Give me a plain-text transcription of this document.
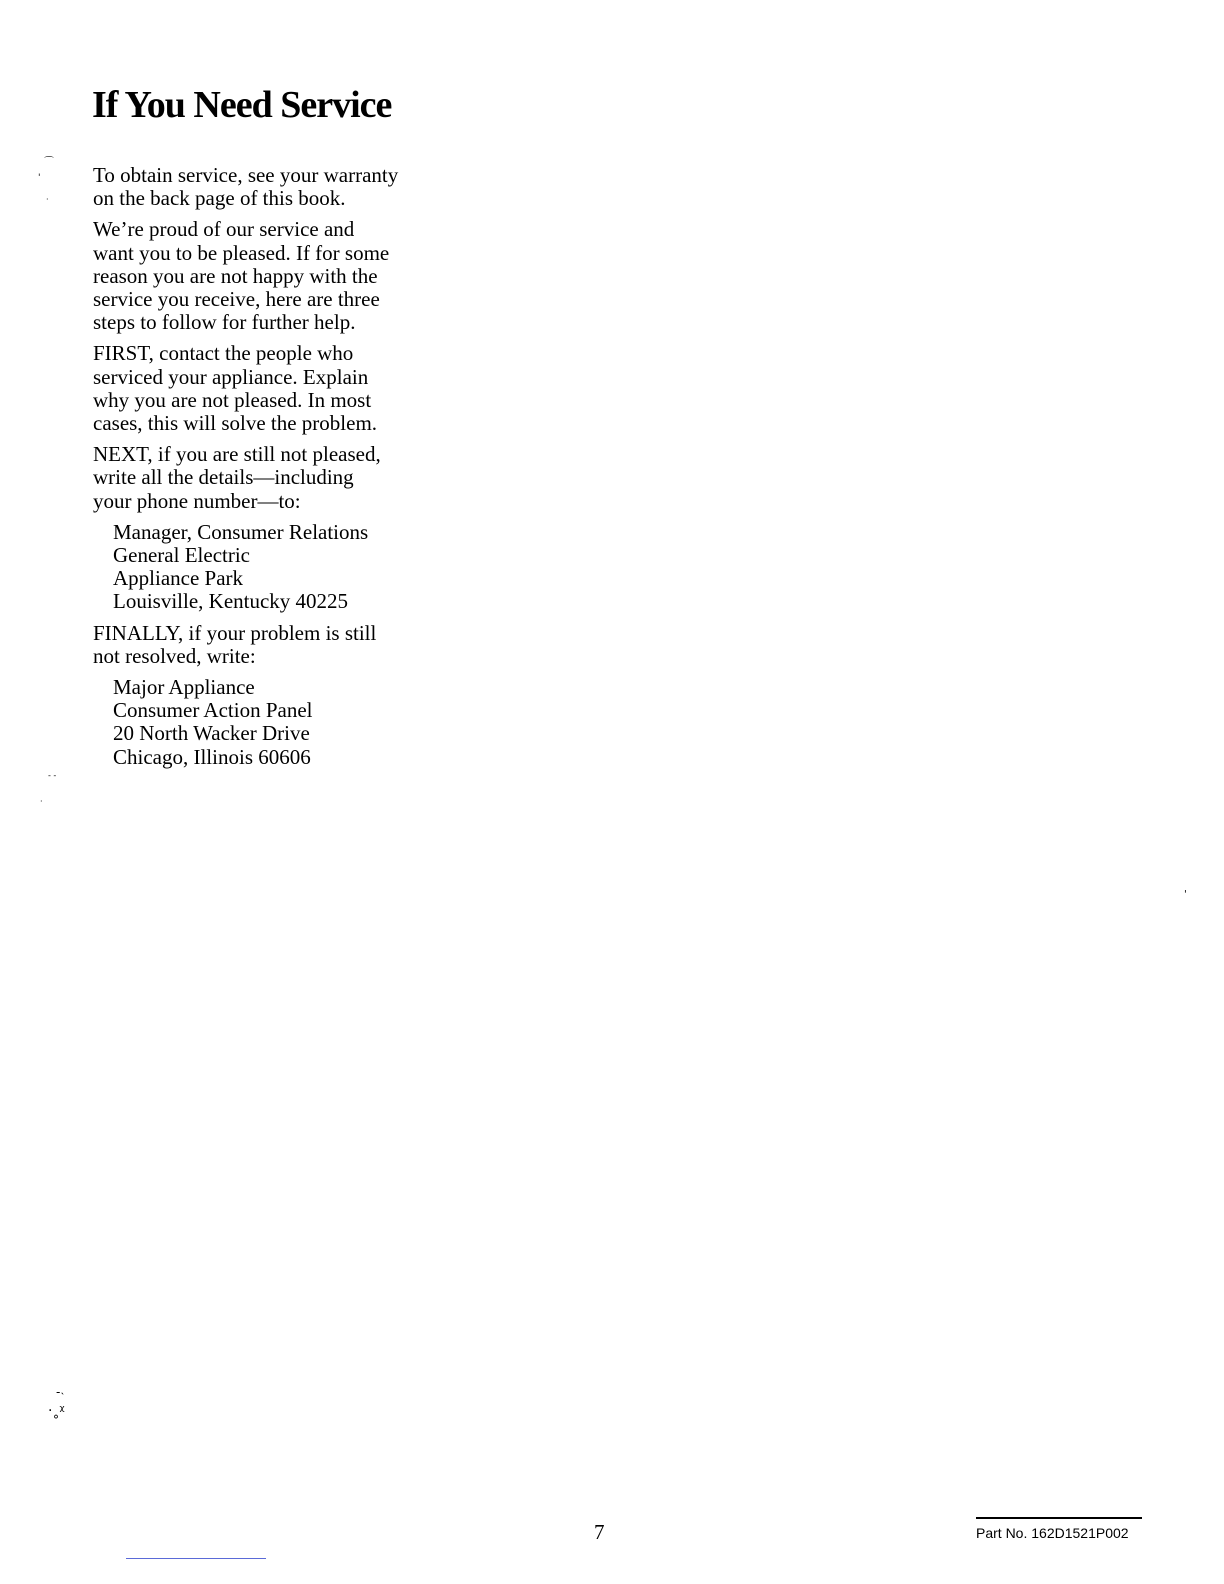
If You Need Service

To obtain service, see your warranty
on the back page of this book.

We’re proud of our service and
want you to be pleased. If for some
reason you are not happy with the
service you receive, here are three
steps to follow for further help.

FIRST, contact the people who
serviced your appliance. Explain
why you are not pleased. In most
cases, this will solve the problem.

NEXT, if you are still not pleased,
write all the details—including
your phone number—to:

Manager, Consumer Relations
General Electric
Appliance Park
Louisville, Kentucky 40225

FINALLY, if your problem is still
not resolved, write:

Major Appliance
Consumer Action Panel
20 North Wacker Drive
Chicago, Illinois 60606

⌒
'
·
- -
·
-˴
·˳ᵡ
'
7	Part No. 162D1521P002
